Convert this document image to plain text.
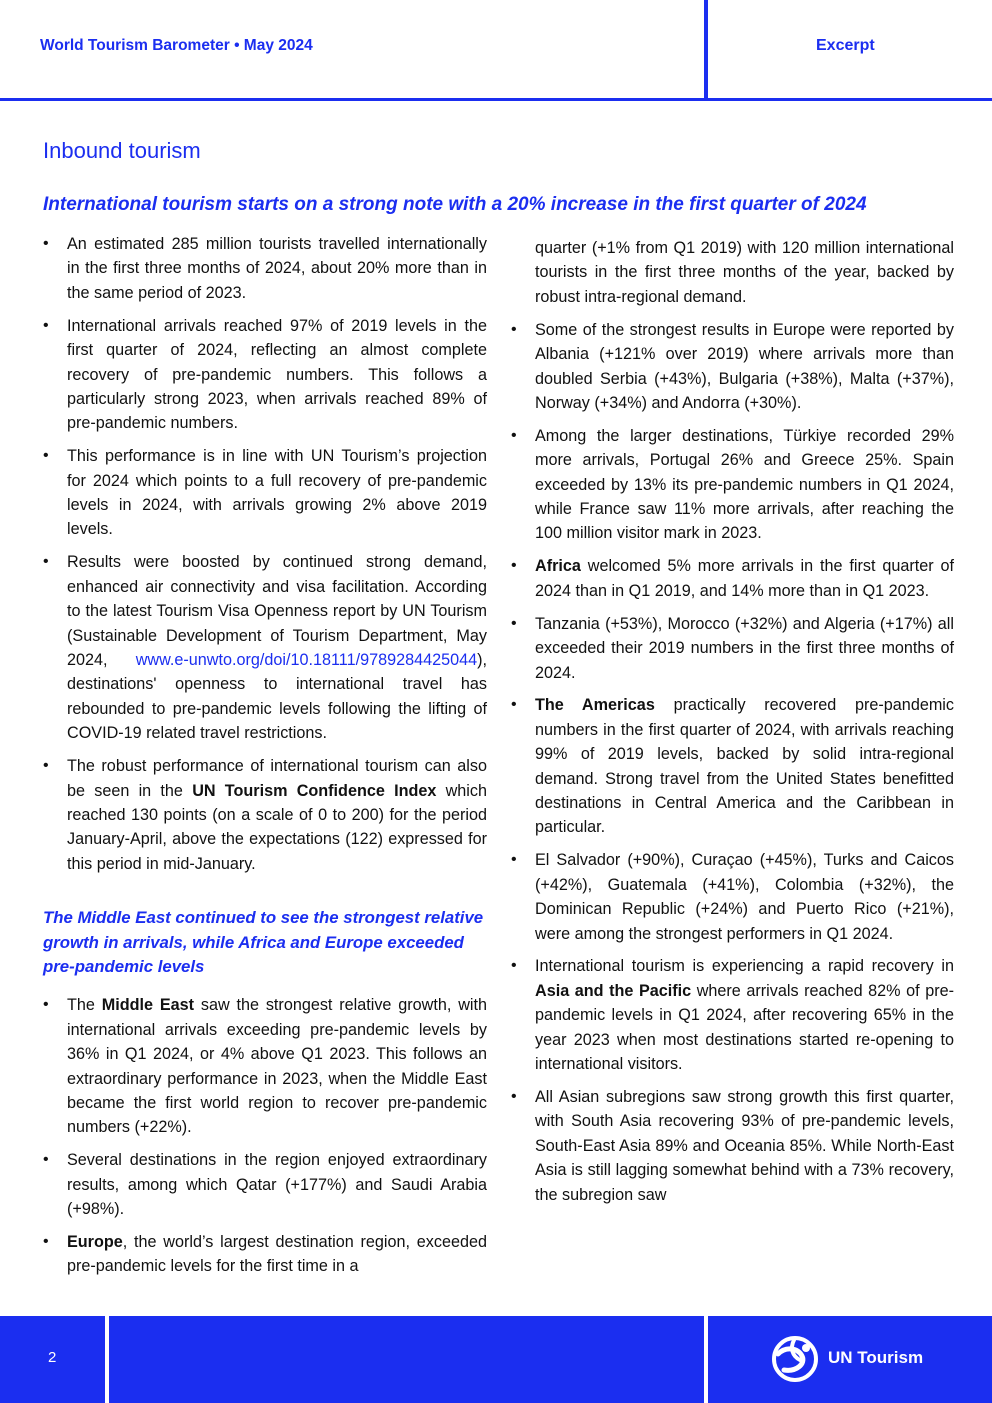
World Tourism Barometer • May 2024	Excerpt
Inbound tourism
International tourism starts on a strong note with a 20% increase in the first quarter of 2024
• An estimated 285 million tourists travelled internationally in the first three months of 2024, about 20% more than in the same period of 2023.
• International arrivals reached 97% of 2019 levels in the first quarter of 2024, reflecting an almost complete recovery of pre-pandemic numbers. This follows a particularly strong 2023, when arrivals reached 89% of pre-pandemic numbers.
• This performance is in line with UN Tourism’s projection for 2024 which points to a full recovery of pre-pandemic levels in 2024, with arrivals growing 2% above 2019 levels.
• Results were boosted by continued strong demand, enhanced air connectivity and visa facilitation. According to the latest Tourism Visa Openness report by UN Tourism (Sustainable Development of Tourism Department, May 2024, www.e-unwto.org/doi/10.18111/9789284425044), destinations' openness to international travel has rebounded to pre-pandemic levels following the lifting of COVID-19 related travel restrictions.
• The robust performance of international tourism can also be seen in the UN Tourism Confidence Index which reached 130 points (on a scale of 0 to 200) for the period January-April, above the expectations (122) expressed for this period in mid-January.
The Middle East continued to see the strongest relative growth in arrivals, while Africa and Europe exceeded pre-pandemic levels
• The Middle East saw the strongest relative growth, with international arrivals exceeding pre-pandemic levels by 36% in Q1 2024, or 4% above Q1 2023. This follows an extraordinary performance in 2023, when the Middle East became the first world region to recover pre-pandemic numbers (+22%).
• Several destinations in the region enjoyed extraordinary results, among which Qatar (+177%) and Saudi Arabia (+98%).
• Europe, the world’s largest destination region, exceeded pre-pandemic levels for the first time in a
quarter (+1% from Q1 2019) with 120 million international tourists in the first three months of the year, backed by robust intra-regional demand.
• Some of the strongest results in Europe were reported by Albania (+121% over 2019) where arrivals more than doubled Serbia (+43%), Bulgaria (+38%), Malta (+37%), Norway (+34%) and Andorra (+30%).
• Among the larger destinations, Türkiye recorded 29% more arrivals, Portugal 26% and Greece 25%. Spain exceeded by 13% its pre-pandemic numbers in Q1 2024, while France saw 11% more arrivals, after reaching the 100 million visitor mark in 2023.
• Africa welcomed 5% more arrivals in the first quarter of 2024 than in Q1 2019, and 14% more than in Q1 2023.
• Tanzania (+53%), Morocco (+32%) and Algeria (+17%) all exceeded their 2019 numbers in the first three months of 2024.
• The Americas practically recovered pre-pandemic numbers in the first quarter of 2024, with arrivals reaching 99% of 2019 levels, backed by solid intra-regional demand. Strong travel from the United States benefitted destinations in Central America and the Caribbean in particular.
• El Salvador (+90%), Curaçao (+45%), Turks and Caicos (+42%), Guatemala (+41%), Colombia (+32%), the Dominican Republic (+24%) and Puerto Rico (+21%), were among the strongest performers in Q1 2024.
• International tourism is experiencing a rapid recovery in Asia and the Pacific where arrivals reached 82% of pre-pandemic levels in Q1 2024, after recovering 65% in the year 2023 when most destinations started re-opening to international visitors.
• All Asian subregions saw strong growth this first quarter, with South Asia recovering 93% of pre-pandemic levels, South-East Asia 89% and Oceania 85%. While North-East Asia is still lagging somewhat behind with a 73% recovery, the subregion saw
2	UN Tourism
